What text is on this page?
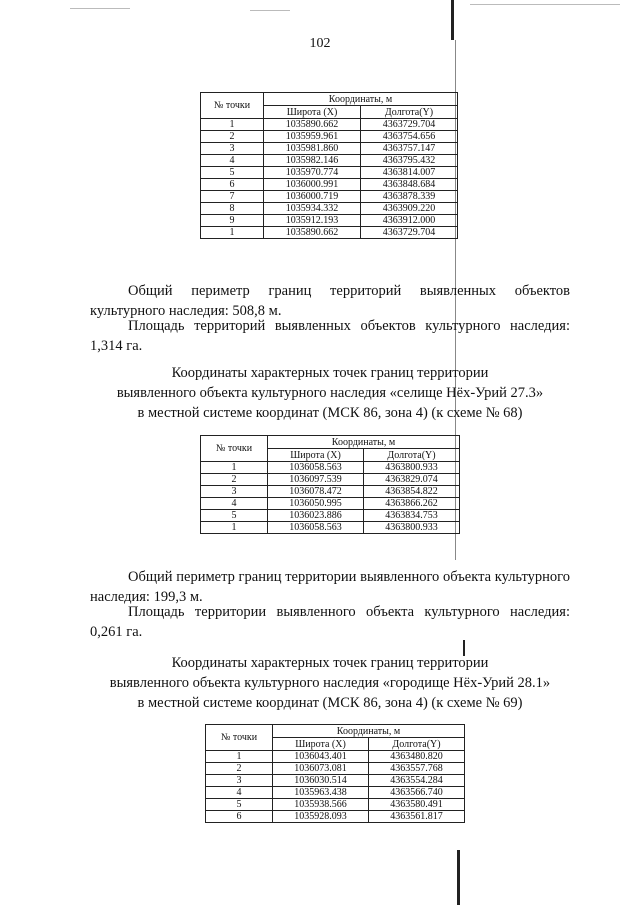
102
№ точки	Координаты, м	
	Широта (X)	Долгота(Y)
1	1035890.662	4363729.704
2	1035959.961	4363754.656
3	1035981.860	4363757.147
4	1035982.146	4363795.432
5	1035970.774	4363814.007
6	1036000.991	4363848.684
7	1036000.719	4363878.339
8	1035934.332	4363909.220
9	1035912.193	4363912.000
1	1035890.662	4363729.704

Общий периметр границ территорий выявленных объектов культурного наследия: 508,8 м.

Площадь территорий выявленных объектов культурного наследия: 1,314 га.

Координаты характерных точек границ территории
выявленного объекта культурного наследия «селище Нёх-Урий 27.3»
в местной системе координат (МСК 86, зона 4) (к схеме № 68)
№ точки	Координаты, м	
	Широта (X)	Долгота(Y)
1	1036058.563	4363800.933
2	1036097.539	4363829.074
3	1036078.472	4363854.822
4	1036050.995	4363866.262
5	1036023.886	4363834.753
1	1036058.563	4363800.933

Общий периметр границ территории выявленного объекта культурного наследия: 199,3 м.

Площадь территории выявленного объекта культурного наследия: 0,261 га.

Координаты характерных точек границ территории
выявленного объекта культурного наследия «городище Нёх-Урий 28.1»
в местной системе координат (МСК 86, зона 4) (к схеме № 69)
№ точки	Координаты, м	
	Широта (X)	Долгота(Y)
1	1036043.401	4363480.820
2	1036073.081	4363557.768
3	1036030.514	4363554.284
4	1035963.438	4363566.740
5	1035938.566	4363580.491
6	1035928.093	4363561.817
